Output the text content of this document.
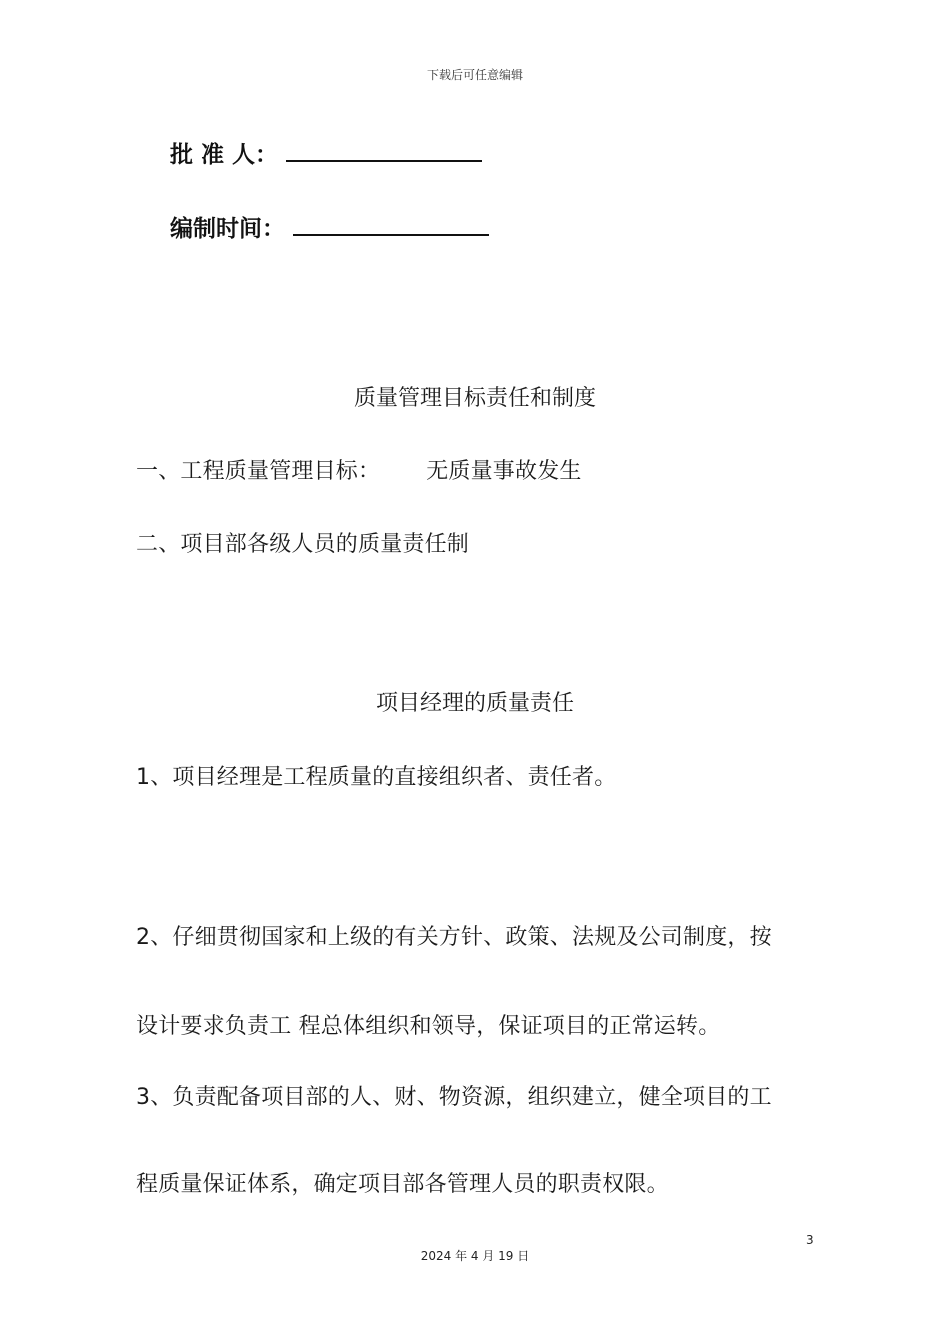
下载后可任意编辑
批 准 人：
编制时间：
质量管理目标责任和制度
一、工程质量管理目标： 无质量事故发生
二、项目部各级人员的质量责任制
项目经理的质量责任
1、项目经理是工程质量的直接组织者、责任者。
2、仔细贯彻国家和上级的有关方针、政策、法规及公司制度，按
设计要求负责工 程总体组织和领导，保证项目的正常运转。
3、负责配备项目部的人、财、物资源，组织建立，健全项目的工
程质量保证体系，确定项目部各管理人员的职责权限。
3
2024 年 4 月 19 日
